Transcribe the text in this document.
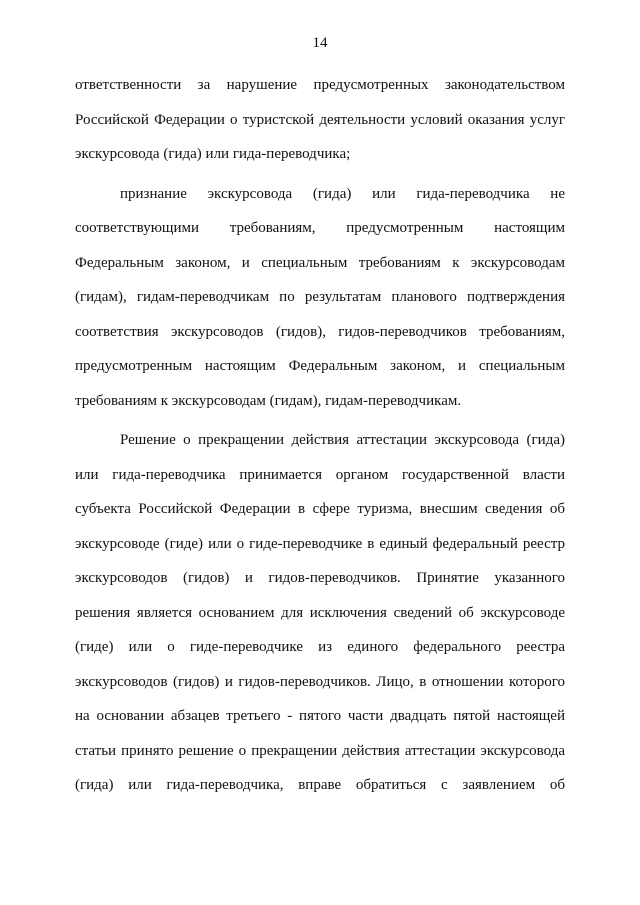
14
ответственности за нарушение предусмотренных законодательством
Российской Федерации о туристской деятельности условий оказания услуг
экскурсовода (гида) или гида-переводчика;
признание экскурсовода (гида) или гида-переводчика не
соответствующими требованиям, предусмотренным настоящим
Федеральным законом, и специальным требованиям к экскурсоводам
(гидам), гидам-переводчикам по результатам планового подтверждения
соответствия экскурсоводов (гидов), гидов-переводчиков требованиям,
предусмотренным настоящим Федеральным законом, и специальным
требованиям к экскурсоводам (гидам), гидам-переводчикам.
Решение о прекращении действия аттестации экскурсовода (гида)
или гида-переводчика принимается органом государственной власти
субъекта Российской Федерации в сфере туризма, внесшим сведения об
экскурсоводе (гиде) или о гиде-переводчике в единый федеральный реестр
экскурсоводов (гидов) и гидов-переводчиков. Принятие указанного
решения является основанием для исключения сведений об экскурсоводе
(гиде) или о гиде-переводчике из единого федерального реестра
экскурсоводов (гидов) и гидов-переводчиков. Лицо, в отношении которого
на основании абзацев третьего - пятого части двадцать пятой настоящей
статьи принято решение о прекращении действия аттестации экскурсовода
(гида) или гида-переводчика, вправе обратиться с заявлением об
